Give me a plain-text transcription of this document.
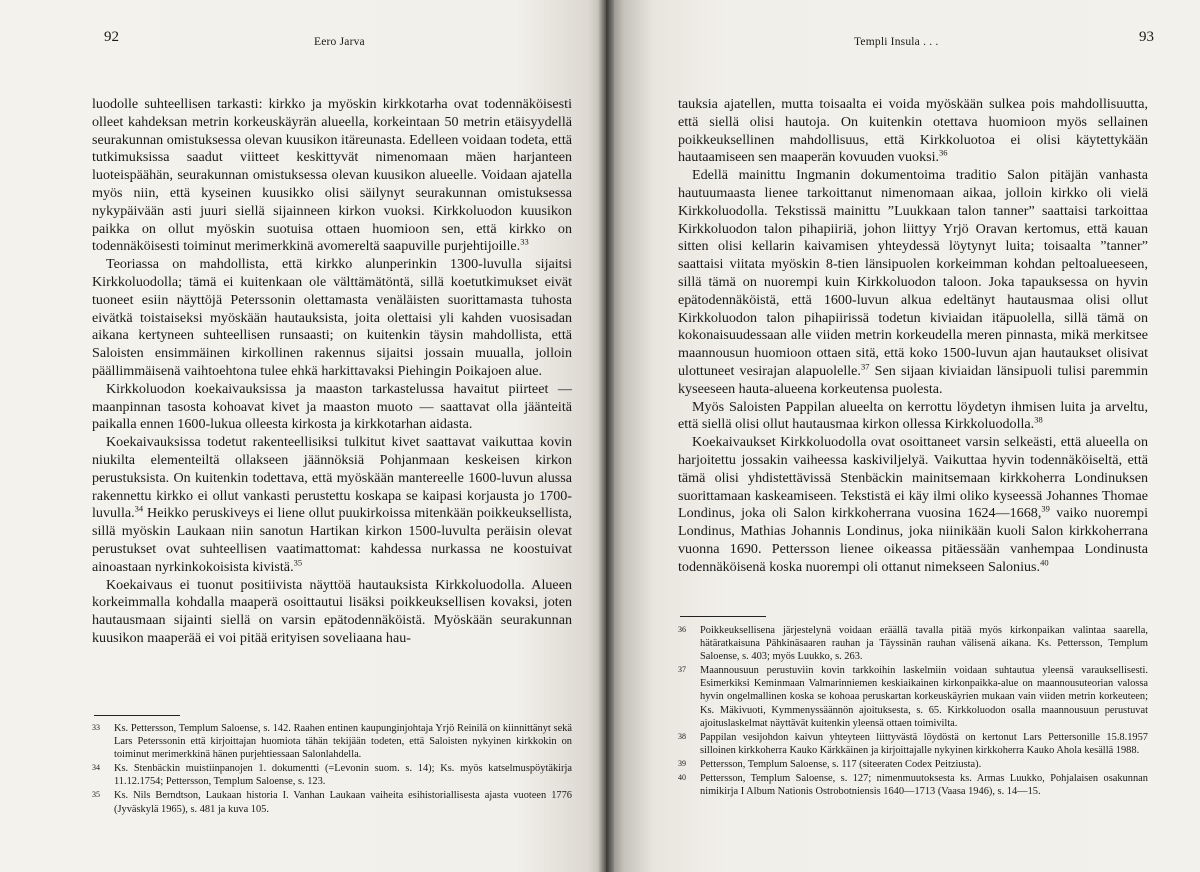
92	Eero Jarva

luodolle suhteellisen tarkasti: kirkko ja myöskin kirkkotarha ovat todennäköisesti olleet kahdeksan metrin korkeuskäyrän alueella, korkeintaan 50 metrin etäisyydellä seurakunnan omistuksessa olevan kuusikon itäreunasta. Edelleen voidaan todeta, että tutkimuksissa saadut viitteet keskittyvät nimenomaan mäen harjanteen luoteispäähän, seurakunnan omistuksessa olevan kuusikon alueelle. Voidaan ajatella myös niin, että kyseinen kuusikko olisi säilynyt seurakunnan omistuksessa nykypäivään asti juuri siellä sijainneen kirkon vuoksi. Kirkkoluodon kuusikon paikka on ollut myöskin suotuisa ottaen huomioon sen, että kirkko on todennäköisesti toiminut merimerkkinä avomereltä saapuville purjehtijoille.$^{33}$

Teoriassa on mahdollista, että kirkko alunperinkin 1300-luvulla sijaitsi Kirkkoluodolla; tämä ei kuitenkaan ole välttämätöntä, sillä koetutkimukset eivät tuoneet esiin näyttöjä Peterssonin olettamasta venäläisten suorittamasta tuhosta eivätkä toistaiseksi myöskään hautauksista, joita olettaisi yli kahden vuosisadan aikana kertyneen suhteellisen runsaasti; on kuitenkin täysin mahdollista, että Saloisten ensimmäinen kirkollinen rakennus sijaitsi jossain muualla, jolloin päällimmäisenä vaihtoehtona tulee ehkä harkittavaksi Piehingin Poikajoen alue.

Kirkkoluodon koekaivauksissa ja maaston tarkastelussa havaitut piirteet — maanpinnan tasosta kohoavat kivet ja maaston muoto — saattavat olla jäänteitä paikalla ennen 1600-lukua olleesta kirkosta ja kirkkotarhan aidasta.

Koekaivauksissa todetut rakenteellisiksi tulkitut kivet saattavat vaikuttaa kovin niukilta elementeiltä ollakseen jäännöksiä Pohjanmaan keskeisen kirkon perustuksista. On kuitenkin todettava, että myöskään mantereelle 1600-luvun alussa rakennettu kirkko ei ollut vankasti perustettu koskapa se kaipasi korjausta jo 1700-luvulla.$^{34}$ Heikko peruskiveys ei liene ollut puukirkoissa mitenkään poikkeuksellista, sillä myöskin Laukaan niin sanotun Hartikan kirkon 1500-luvulta peräisin olevat perustukset ovat suhteellisen vaatimattomat: kahdessa nurkassa ne koostuivat ainoastaan nyrkinkokoisista kivistä.$^{35}$

Koekaivaus ei tuonut positiivista näyttöä hautauksista Kirkkoluodolla. Alueen korkeimmalla kohdalla maaperä osoittautui lisäksi poikkeuksellisen kovaksi, joten hautausmaan sijainti siellä on varsin epätodennäköistä. Myöskään seurakunnan kuusikon maaperää ei voi pitää erityisen soveliaana hau-

33	Ks. Pettersson, Templum Saloense, s. 142. Raahen entinen kaupunginjohtaja Yrjö Reinilä on kiinnittänyt sekä Lars Peterssonin että kirjoittajan huomiota tähän tekijään todeten, että Saloisten nykyinen kirkkokin on toiminut merimerkkinä hänen purjehtiessaan Salonlahdella.
34	Ks. Stenbäckin muistiinpanojen 1. dokumentti (=Levonin suom. s. 14); Ks. myös katselmuspöytäkirja 11.12.1754; Pettersson, Templum Saloense, s. 123.
35	Ks. Nils Berndtson, Laukaan historia I. Vanhan Laukaan vaiheita esihistoriallisesta ajasta vuoteen 1776 (Jyväskylä 1965), s. 481 ja kuva 105.
93
Templi Insula . . .

tauksia ajatellen, mutta toisaalta ei voida myöskään sulkea pois mahdollisuutta, että siellä olisi hautoja. On kuitenkin otettava huomioon myös sellainen poikkeuksellinen mahdollisuus, että Kirkkoluotoa ei olisi käytettykään hautaamiseen sen maaperän kovuuden vuoksi.$^{36}$

Edellä mainittu Ingmanin dokumentoima traditio Salon pitäjän vanhasta hautuumaasta lienee tarkoittanut nimenomaan aikaa, jolloin kirkko oli vielä Kirkkoluodolla. Tekstissä mainittu ”Luukkaan talon tanner” saattaisi tarkoittaa Kirkkoluodon talon pihapiiriä, johon liittyy Yrjö Oravan kertomus, että kauan sitten olisi kellarin kaivamisen yhteydessä löytynyt luita; toisaalta ”tanner” saattaisi viitata myöskin 8-tien länsipuolen korkeimman kohdan peltoalueeseen, sillä tämä on nuorempi kuin Kirkkoluodon taloon. Joka tapauksessa on hyvin epätodennäköistä, että 1600-luvun alkua edeltänyt hautausmaa olisi ollut Kirkkoluodon talon pihapiirissä todetun kiviaidan itäpuolella, sillä tämä on kokonaisuudessaan alle viiden metrin korkeudella meren pinnasta, mikä merkitsee maannousun huomioon ottaen sitä, että koko 1500-luvun ajan hautaukset olisivat ulottuneet vesirajan alapuolelle.$^{37}$ Sen sijaan kiviaidan länsipuoli tulisi paremmin kyseeseen hauta-alueena korkeutensa puolesta.

Myös Saloisten Pappilan alueelta on kerrottu löydetyn ihmisen luita ja arveltu, että siellä olisi ollut hautausmaa kirkon ollessa Kirkkoluodolla.$^{38}$

Koekaivaukset Kirkkoluodolla ovat osoittaneet varsin selkeästi, että alueella on harjoitettu jossakin vaiheessa kaskiviljelyä. Vaikuttaa hyvin todennäköiseltä, että tämä olisi yhdistettävissä Stenbäckin mainitsemaan kirkkoherra Londinuksen suorittamaan kaskeamiseen. Tekstistä ei käy ilmi oliko kyseessä Johannes Thomae Londinus, joka oli Salon kirkkoherrana vuosina 1624—1668,39 vaiko nuorempi Londinus, Mathias Johannis Londinus, joka niinikään kuoli Salon kirkkoherrana vuonna 1690. Pettersson lienee oikeassa pitäessään vanhempaa Londinusta todennäköisenä koska nuorempi oli ottanut nimekseen Salonius.$^{40}$

36	Poikkeuksellisena järjestelynä voidaan eräällä tavalla pitää myös kirkonpaikan valintaa saarella, hätäratkaisuna Pähkinäsaaren rauhan ja Täyssinän rauhan välisenä aikana. Ks. Pettersson, Templum Saloense, s. 403; myös Luukko, s. 263.
37	Maannousuun perustuviin kovin tarkkoihin laskelmiin voidaan suhtautua yleensä varauksellisesti. Esimerkiksi Keminmaan Valmarinniemen keskiaikainen kirkonpaikka-alue on maannousuteorian valossa hyvin ongelmallinen koska se kohoaa peruskartan korkeuskäyrien mukaan vain viiden metrin korkeuteen; Ks. Mäkivuoti, Kymmenyssäännön ajoituksesta, s. 65. Kirkkoluodon osalla maannousuun perustuvat ajoituslaskelmat näyttävät kuitenkin yleensä ottaen toimivilta.
38	Pappilan vesijohdon kaivun yhteyteen liittyvästä löydöstä on kertonut Lars Pettersonille 15.8.1957 silloinen kirkkoherra Kauko Kärkkäinen ja kirjoittajalle nykyinen kirkkoherra Kauko Ahola kesällä 1988.
39	Pettersson, Templum Saloense, s. 117 (siteeraten Codex Peitziusta).
40	Pettersson, Templum Saloense, s. 127; nimenmuutoksesta ks. Armas Luukko, Pohjalaisen osakunnan nimikirja I Album Nationis Ostrobotniensis 1640—1713 (Vaasa 1946), s. 14—15.
